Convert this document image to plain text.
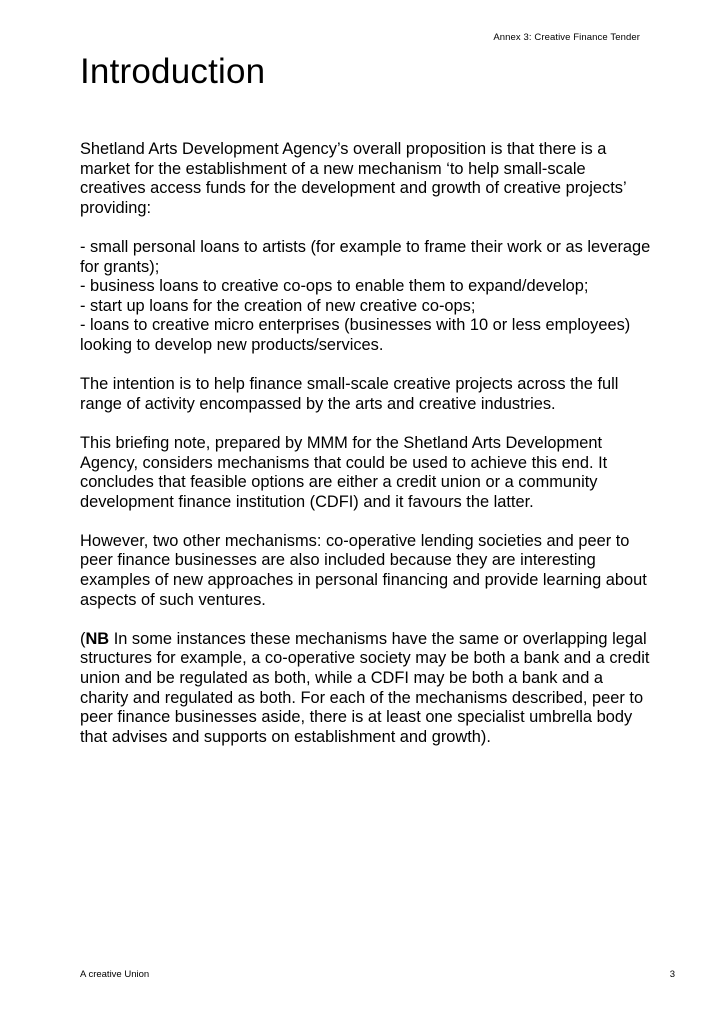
Annex 3: Creative Finance Tender
Introduction

Shetland Arts Development Agency’s overall proposition is that there is a
market for the establishment of a new mechanism ‘to help small-scale
creatives access funds for the development and growth of creative projects’
providing:

- small personal loans to artists (for example to frame their work or as leverage
for grants);
- business loans to creative co-ops to enable them to expand/develop;
- start up loans for the creation of new creative co-ops;
- loans to creative micro enterprises (businesses with 10 or less employees)
looking to develop new products/services.

The intention is to help finance small-scale creative projects across the full
range of activity encompassed by the arts and creative industries.

This briefing note, prepared by MMM for the Shetland Arts Development
Agency, considers mechanisms that could be used to achieve this end. It
concludes that feasible options are either a credit union or a community
development finance institution (CDFI) and it favours the latter.

However, two other mechanisms: co-operative lending societies and peer to
peer finance businesses are also included because they are interesting
examples of new approaches in personal financing and provide learning about
aspects of such ventures.

(NB In some instances these mechanisms have the same or overlapping legal
structures for example, a co-operative society may be both a bank and a credit
union and be regulated as both, while a CDFI may be both a bank and a
charity and regulated as both. For each of the mechanisms described, peer to
peer finance businesses aside, there is at least one specialist umbrella body
that advises and supports on establishment and growth).

A creative Union	3
